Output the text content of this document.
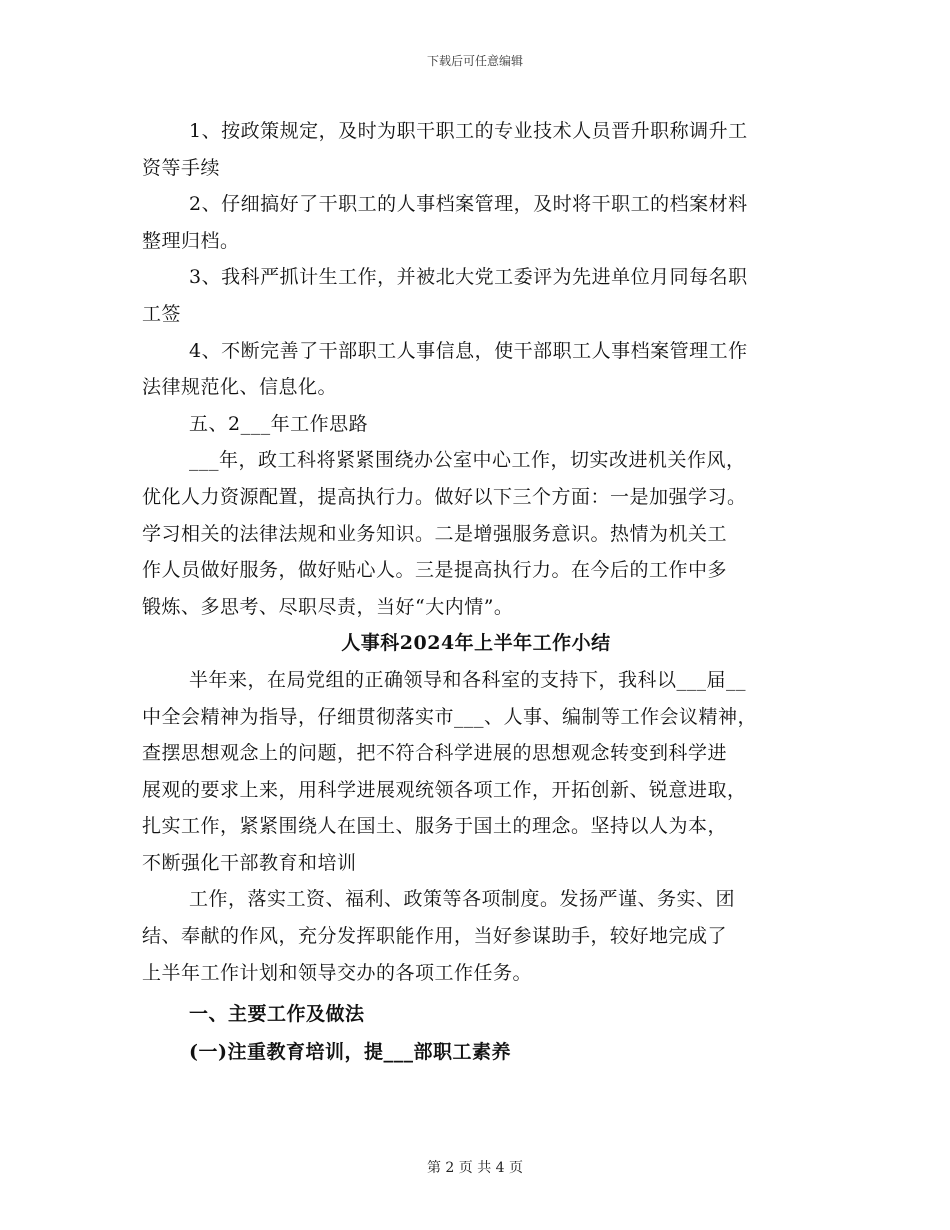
下载后可任意编辑
1、按政策规定，及时为职干职工的专业技术人员晋升职称调升工
资等手续
2、仔细搞好了干职工的人事档案管理，及时将干职工的档案材料
整理归档。
3、我科严抓计生工作，并被北大党工委评为先进单位月同每名职
工签
4、不断完善了干部职工人事信息，使干部职工人事档案管理工作
法律规范化、信息化。
五、2___年工作思路
___年，政工科将紧紧围绕办公室中心工作，切实改进机关作风，
优化人力资源配置，提高执行力。做好以下三个方面：一是加强学习。
学习相关的法律法规和业务知识。二是增强服务意识。热情为机关工
作人员做好服务，做好贴心人。三是提高执行力。在今后的工作中多
锻炼、多思考、尽职尽责，当好“大内情”。
人事科2024年上半年工作小结
半年来，在局党组的正确领导和各科室的支持下，我科以___届__
中全会精神为指导，仔细贯彻落实市___、人事、编制等工作会议精神，
查摆思想观念上的问题，把不符合科学进展的思想观念转变到科学进
展观的要求上来，用科学进展观统领各项工作，开拓创新、锐意进取，
扎实工作，紧紧围绕人在国土、服务于国土的理念。坚持以人为本，
不断强化干部教育和培训
工作，落实工资、福利、政策等各项制度。发扬严谨、务实、团
结、奉献的作风，充分发挥职能作用，当好参谋助手，较好地完成了
上半年工作计划和领导交办的各项工作任务。
一、主要工作及做法
(一)注重教育培训，提___部职工素养
第 2 页 共 4 页
